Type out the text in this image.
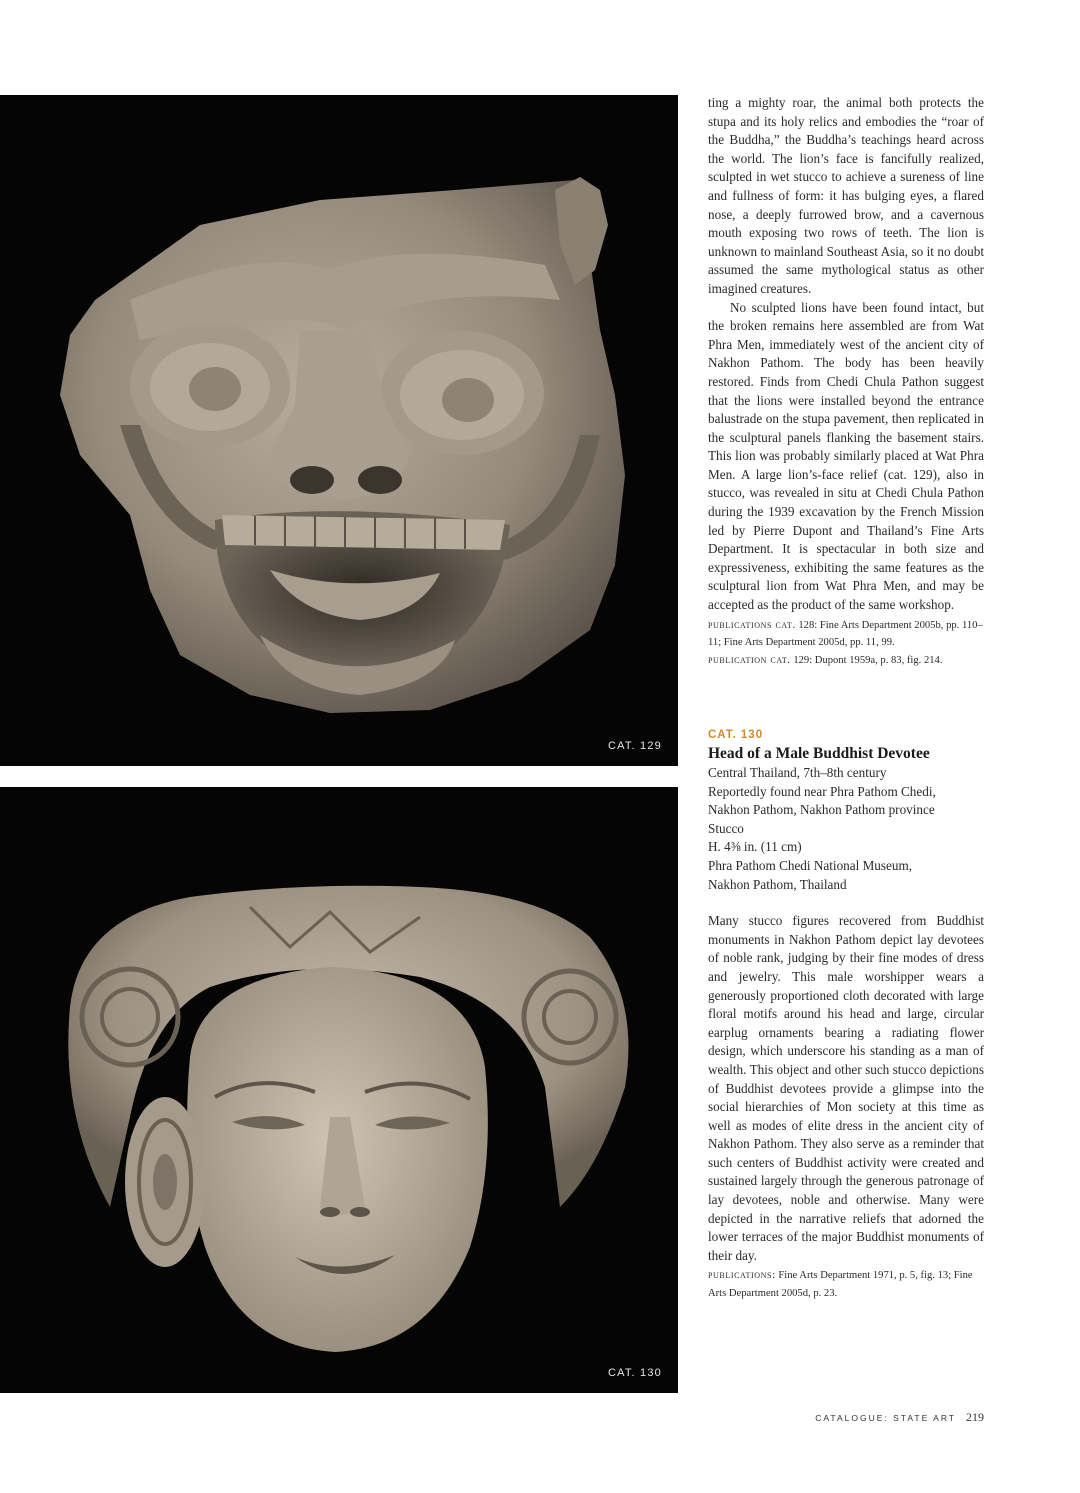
CAT. 129
CAT. 130

ting a mighty roar, the animal both protects the stupa and its holy relics and embodies the “roar of the Buddha,” the Buddha’s teachings heard across the world. The lion’s face is fancifully realized, sculpted in wet stucco to achieve a sureness of line and fullness of form: it has bulging eyes, a flared nose, a deeply furrowed brow, and a cavernous mouth exposing two rows of teeth. The lion is unknown to mainland Southeast Asia, so it no doubt assumed the same mythological status as other imagined creatures.

No sculpted lions have been found intact, but the broken remains here assembled are from Wat Phra Men, immediately west of the ancient city of Nakhon Pathom. The body has been heavily restored. Finds from Chedi Chula Pathon suggest that the lions were installed beyond the entrance balustrade on the stupa pavement, then replicated in the sculptural panels flanking the basement stairs. This lion was probably similarly placed at Wat Phra Men. A large lion’s-face relief (cat. 129), also in stucco, was revealed in situ at Chedi Chula Pathon during the 1939 excavation by the French Mission led by Pierre Dupont and Thailand’s Fine Arts Department. It is spectacular in both size and expressiveness, exhibiting the same features as the sculptural lion from Wat Phra Men, and may be accepted as the product of the same workshop.

publications cat. 128: Fine Arts Department 2005b, pp. 110–11; Fine Arts Department 2005d, pp. 11, 99.
publication cat. 129: Dupont 1959a, p. 83, fig. 214.
CAT. 130
Head of a Male Buddhist Devotee
Central Thailand, 7th–8th century
Reportedly found near Phra Pathom Chedi,
Nakhon Pathom, Nakhon Pathom province
Stucco
H. 4⅜ in. (11 cm)
Phra Pathom Chedi National Museum,
Nakhon Pathom, Thailand

Many stucco figures recovered from Buddhist monuments in Nakhon Pathom depict lay devotees of noble rank, judging by their fine modes of dress and jewelry. This male worshipper wears a generously proportioned cloth decorated with large floral motifs around his head and large, circular earplug ornaments bearing a radiating flower design, which underscore his standing as a man of wealth. This object and other such stucco depictions of Buddhist devotees provide a glimpse into the social hierarchies of Mon society at this time as well as modes of elite dress in the ancient city of Nakhon Pathom. They also serve as a reminder that such centers of Buddhist activity were created and sustained largely through the generous patronage of lay devotees, noble and otherwise. Many were depicted in the narrative reliefs that adorned the lower terraces of the major Buddhist monuments of their day.

publications: Fine Arts Department 1971, p. 5, fig. 13; Fine Arts Department 2005d, p. 23.
CATALOGUE: STATE ART 219
